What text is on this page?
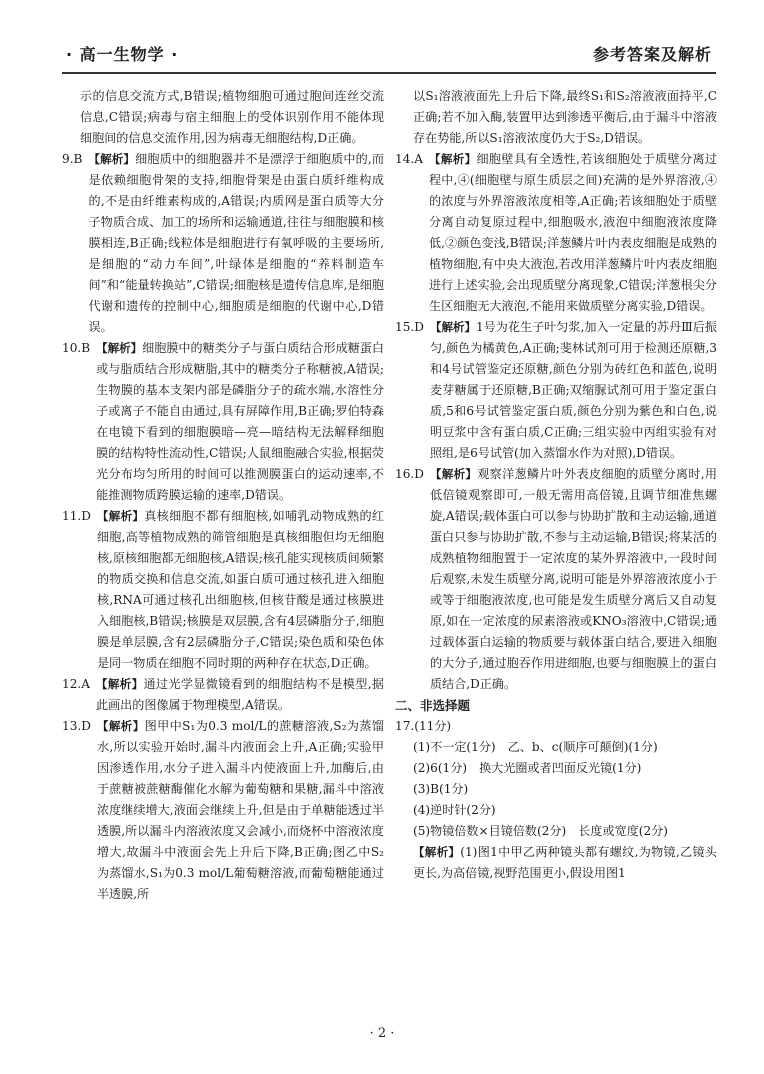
· 高一生物学 ·	参考答案及解析

示的信息交流方式,B错误;植物细胞可通过胞间连丝交流信息,C错误;病毒与宿主细胞上的受体识别作用不能体现细胞间的信息交流作用,因为病毒无细胞结构,D正确。

9. B 【解析】细胞质中的细胞器并不是漂浮于细胞质中的,而是依赖细胞骨架的支持,细胞骨架是由蛋白质纤维构成的,不是由纤维素构成的,A错误;内质网是蛋白质等大分子物质合成、加工的场所和运输通道,往往与细胞膜和核膜相连,B正确;线粒体是细胞进行有氧呼吸的主要场所,是细胞的“动力车间”,叶绿体是细胞的“养料制造车间”和“能量转换站”,C错误;细胞核是遗传信息库,是细胞代谢和遗传的控制中心,细胞质是细胞的代谢中心,D错误。
10. B 【解析】细胞膜中的糖类分子与蛋白质结合形成糖蛋白或与脂质结合形成糖脂,其中的糖类分子称糖被,A错误;生物膜的基本支架内部是磷脂分子的疏水端,水溶性分子或离子不能自由通过,具有屏障作用,B正确;罗伯特森在电镜下看到的细胞膜暗—亮—暗结构无法解释细胞膜的结构特性流动性,C错误;人鼠细胞融合实验,根据荧光分布均匀所用的时间可以推测膜蛋白的运动速率,不能推测物质跨膜运输的速率,D错误。
11. D 【解析】真核细胞不都有细胞核,如哺乳动物成熟的红细胞,高等植物成熟的筛管细胞是真核细胞但均无细胞核,原核细胞都无细胞核,A错误;核孔能实现核质间频繁的物质交换和信息交流,如蛋白质可通过核孔进入细胞核,RNA可通过核孔出细胞核,但核苷酸是通过核膜进入细胞核,B错误;核膜是双层膜,含有4层磷脂分子,细胞膜是单层膜,含有2层磷脂分子,C错误;染色质和染色体是同一物质在细胞不同时期的两种存在状态,D正确。
12. A 【解析】通过光学显微镜看到的细胞结构不是模型,据此画出的图像属于物理模型,A错误。
13. D 【解析】图甲中S₁为0.3 mol/L的蔗糖溶液,S₂为蒸馏水,所以实验开始时,漏斗内液面会上升,A正确;实验甲因渗透作用,水分子进入漏斗内使液面上升,加酶后,由于蔗糖被蔗糖酶催化水解为葡萄糖和果糖,漏斗中溶液浓度继续增大,液面会继续上升,但是由于单糖能透过半透膜,所以漏斗内溶液浓度又会减小,而烧杯中溶液浓度增大,故漏斗中液面会先上升后下降,B正确;图乙中S₂为蒸馏水,S₁为0.3 mol/L葡萄糖溶液,而葡萄糖能通过半透膜,所

以S₁溶液液面先上升后下降,最终S₁和S₂溶液液面持平,C正确;若不加入酶,装置甲达到渗透平衡后,由于漏斗中溶液存在势能,所以S₁溶液浓度仍大于S₂,D错误。

14. A 【解析】细胞壁具有全透性,若该细胞处于质壁分离过程中,④(细胞壁与原生质层之间)充满的是外界溶液,④的浓度与外界溶液浓度相等,A正确;若该细胞处于质壁分离自动复原过程中,细胞吸水,液泡中细胞液浓度降低,②颜色变浅,B错误;洋葱鳞片叶内表皮细胞是成熟的植物细胞,有中央大液泡,若改用洋葱鳞片叶内表皮细胞进行上述实验,会出现质壁分离现象,C错误;洋葱根尖分生区细胞无大液泡,不能用来做质壁分离实验,D错误。
15. D 【解析】1号为花生子叶匀浆,加入一定量的苏丹Ⅲ后振匀,颜色为橘黄色,A正确;斐林试剂可用于检测还原糖,3和4号试管鉴定还原糖,颜色分别为砖红色和蓝色,说明麦芽糖属于还原糖,B正确;双缩脲试剂可用于鉴定蛋白质,5和6号试管鉴定蛋白质,颜色分别为紫色和白色,说明豆浆中含有蛋白质,C正确;三组实验中丙组实验有对照组,是6号试管(加入蒸馏水作为对照),D错误。
16. D 【解析】观察洋葱鳞片叶外表皮细胞的质壁分离时,用低倍镜观察即可,一般无需用高倍镜,且调节细准焦螺旋,A错误;载体蛋白可以参与协助扩散和主动运输,通道蛋白只参与协助扩散,不参与主动运输,B错误;将某活的成熟植物细胞置于一定浓度的某外界溶液中,一段时间后观察,未发生质壁分离,说明可能是外界溶液浓度小于或等于细胞液浓度,也可能是发生质壁分离后又自动复原,如在一定浓度的尿素溶液或KNO₃溶液中,C错误;通过载体蛋白运输的物质要与载体蛋白结合,要进入细胞的大分子,通过胞吞作用进细胞,也要与细胞膜上的蛋白质结合,D正确。
二、非选择题
17.(11分)
(1)不一定(1分)　乙、b、c(顺序可颠倒)(1分)
(2)6(1分)　换大光圈或者凹面反光镜(1分)
(3)B(1分)
(4)逆时针(2分)
(5)物镜倍数×目镜倍数(2分)　长度或宽度(2分)

【解析】(1)图1中甲乙两种镜头都有螺纹,为物镜,乙镜头更长,为高倍镜,视野范围更小,假设用图1

· 2 ·
